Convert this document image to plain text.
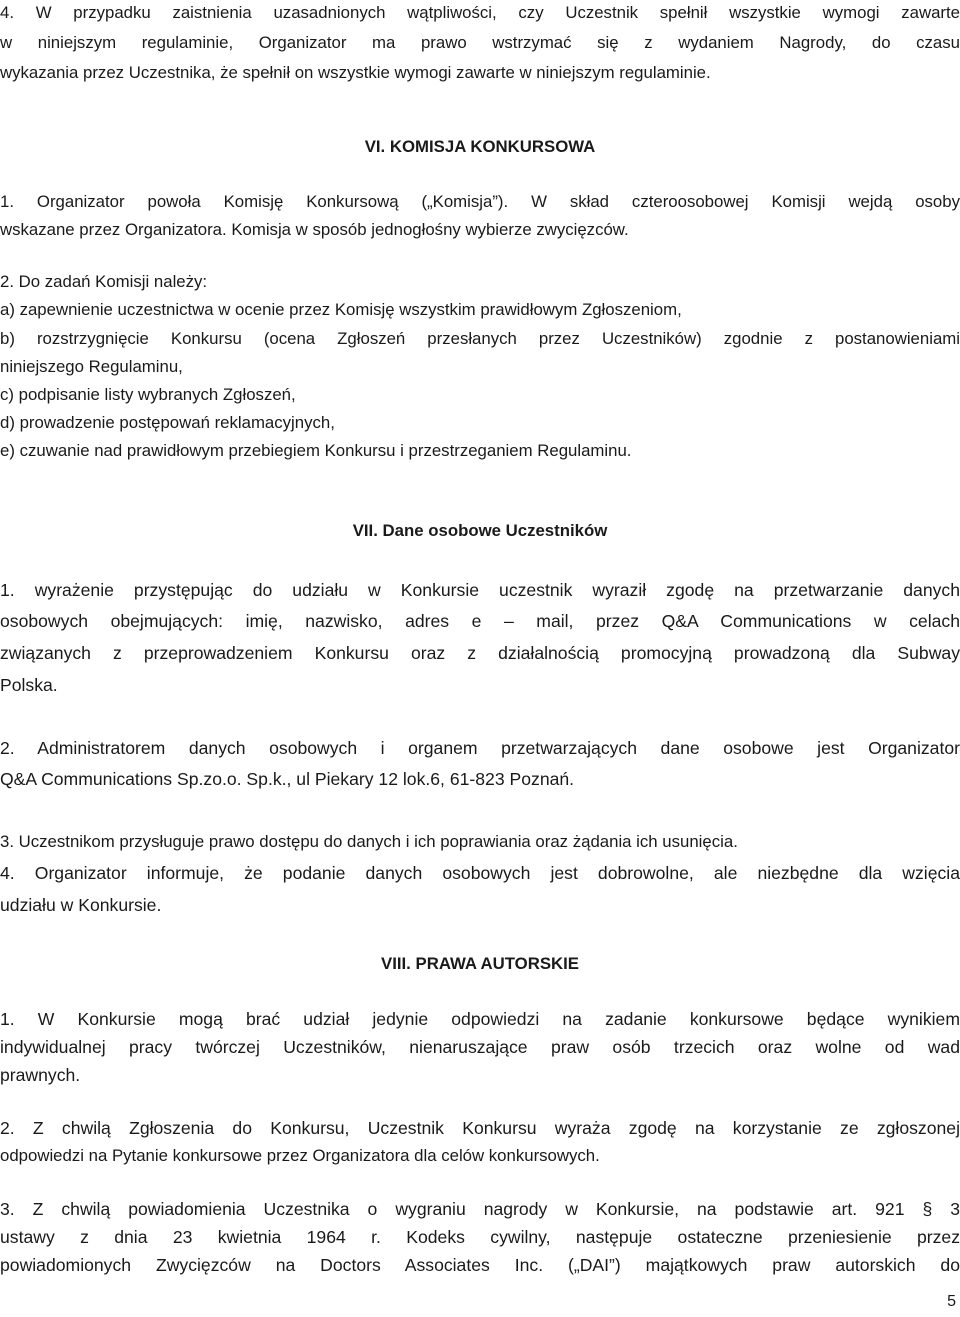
4. W przypadku zaistnienia uzasadnionych wątpliwości, czy Uczestnik spełnił wszystkie wymogi zawarte
w niniejszym regulaminie, Organizator ma prawo wstrzymać się z wydaniem Nagrody, do czasu
wykazania przez Uczestnika, że spełnił on wszystkie wymogi zawarte w niniejszym regulaminie.
VI. KOMISJA KONKURSOWA
1. Organizator powoła Komisję Konkursową („Komisja”). W skład czteroosobowej Komisji wejdą osoby
wskazane przez Organizatora. Komisja w sposób jednogłośny wybierze zwycięzców.
2. Do zadań Komisji należy:
a) zapewnienie uczestnictwa w ocenie przez Komisję wszystkim prawidłowym Zgłoszeniom,
b) rozstrzygnięcie Konkursu (ocena Zgłoszeń przesłanych przez Uczestników) zgodnie z postanowieniami
niniejszego Regulaminu,
c) podpisanie listy wybranych Zgłoszeń,
d) prowadzenie postępowań reklamacyjnych,
e) czuwanie nad prawidłowym przebiegiem Konkursu i przestrzeganiem Regulaminu.
VII. Dane osobowe Uczestników
1. wyrażenie przystępując do udziału w Konkursie uczestnik wyraził zgodę na przetwarzanie danych
osobowych obejmujących: imię, nazwisko, adres e – mail, przez Q&A Communications w celach
związanych z przeprowadzeniem Konkursu oraz z działalnością promocyjną prowadzoną dla Subway
Polska.
2. Administratorem danych osobowych i organem przetwarzających dane osobowe jest Organizator
Q&A Communications Sp.zo.o. Sp.k., ul Piekary 12 lok.6, 61-823 Poznań.
3. Uczestnikom przysługuje prawo dostępu do danych i ich poprawiania oraz żądania ich usunięcia.
4. Organizator informuje, że podanie danych osobowych jest dobrowolne, ale niezbędne dla wzięcia
udziału w Konkursie.
VIII. PRAWA AUTORSKIE
1. W Konkursie mogą brać udział jedynie odpowiedzi na zadanie konkursowe będące wynikiem
indywidualnej pracy twórczej Uczestników, nienaruszające praw osób trzecich oraz wolne od wad
prawnych.
2. Z chwilą Zgłoszenia do Konkursu, Uczestnik Konkursu wyraża zgodę na korzystanie ze zgłoszonej
odpowiedzi na Pytanie konkursowe przez Organizatora dla celów konkursowych.
3. Z chwilą powiadomienia Uczestnika o wygraniu nagrody w Konkursie, na podstawie art. 921 § 3
ustawy z dnia 23 kwietnia 1964 r. Kodeks cywilny, następuje ostateczne przeniesienie przez
powiadomionych Zwycięzców na Doctors Associates Inc. („DAI”) majątkowych praw autorskich do
5
